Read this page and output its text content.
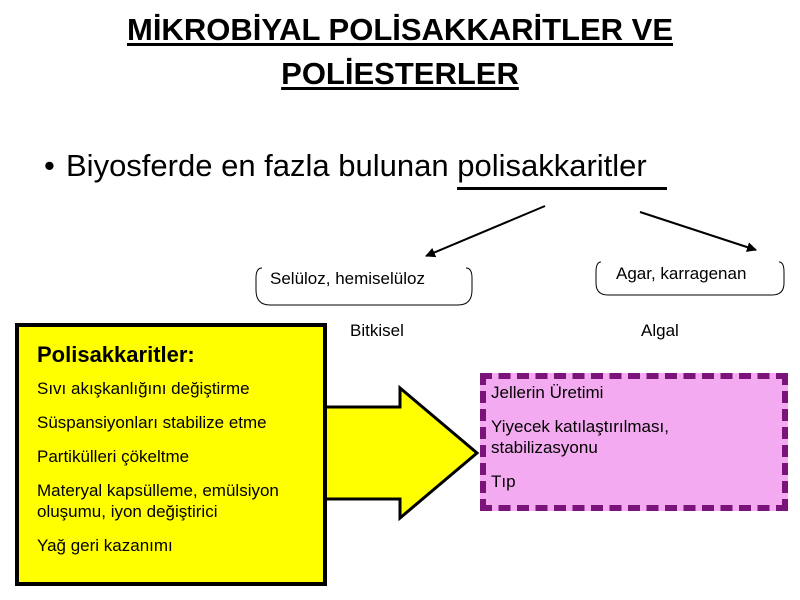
MİKROBİYAL POLİSAKKARİTLER VE
POLİESTERLER
• Biyosferde en fazla bulunan polisakkaritler
Selüloz, hemiselüloz	Agar, karragenan
Bitkisel	Algal
Polisakkaritler:
Sıvı akışkanlığını değiştirme
Süspansiyonları stabilize etme
Partikülleri çökeltme
Materyal kapsülleme, emülsiyon oluşumu, iyon değiştirici
Yağ geri kazanımı
Jellerin Üretimi
Yiyecek katılaştırılması, stabilizasyonu
Tıp
